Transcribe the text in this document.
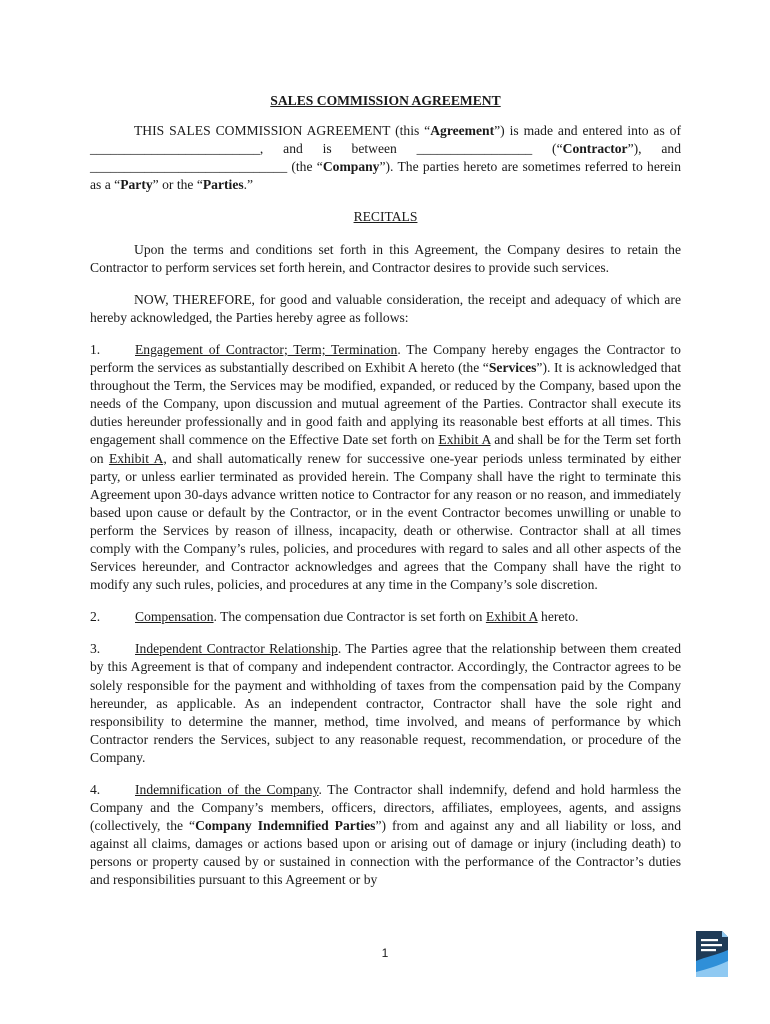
SALES COMMISSION AGREEMENT

THIS SALES COMMISSION AGREEMENT (this “Agreement”) is made and entered into as of _________________________, and is between _________________ (“Contractor”), and _____________________________ (the “Company”). The parties hereto are sometimes referred to herein as a “Party” or the “Parties.”

RECITALS

Upon the terms and conditions set forth in this Agreement, the Company desires to retain the Contractor to perform services set forth herein, and Contractor desires to provide such services.

NOW, THEREFORE, for good and valuable consideration, the receipt and adequacy of which are hereby acknowledged, the Parties hereby agree as follows:

1.	Engagement of Contractor; Term; Termination. The Company hereby engages the Contractor to perform the services as substantially described on Exhibit A hereto (the “Services”). It is acknowledged that throughout the Term, the Services may be modified, expanded, or reduced by the Company, based upon the needs of the Company, upon discussion and mutual agreement of the Parties. Contractor shall execute its duties hereunder professionally and in good faith and applying its reasonable best efforts at all times. This engagement shall commence on the Effective Date set forth on Exhibit A and shall be for the Term set forth on Exhibit A, and shall automatically renew for successive one-year periods unless terminated by either party, or unless earlier terminated as provided herein. The Company shall have the right to terminate this Agreement upon 30-days advance written notice to Contractor for any reason or no reason, and immediately based upon cause or default by the Contractor, or in the event Contractor becomes unwilling or unable to perform the Services by reason of illness, incapacity, death or otherwise. Contractor shall at all times comply with the Company’s rules, policies, and procedures with regard to sales and all other aspects of the Services hereunder, and Contractor acknowledges and agrees that the Company shall have the right to modify any such rules, policies, and procedures at any time in the Company’s sole discretion.

2.	Compensation. The compensation due Contractor is set forth on Exhibit A hereto.

3.	Independent Contractor Relationship. The Parties agree that the relationship between them created by this Agreement is that of company and independent contractor. Accordingly, the Contractor agrees to be solely responsible for the payment and withholding of taxes from the compensation paid by the Company hereunder, as applicable. As an independent contractor, Contractor shall have the sole right and responsibility to determine the manner, method, time involved, and means of performance by which Contractor renders the Services, subject to any reasonable request, recommendation, or procedure of the Company.

4.	Indemnification of the Company. The Contractor shall indemnify, defend and hold harmless the Company and the Company’s members, officers, directors, affiliates, employees, agents, and assigns (collectively, the “Company Indemnified Parties”) from and against any and all liability or loss, and against all claims, damages or actions based upon or arising out of damage or injury (including death) to persons or property caused by or sustained in connection with the performance of the Contractor’s duties and responsibilities pursuant to this Agreement or by

1
